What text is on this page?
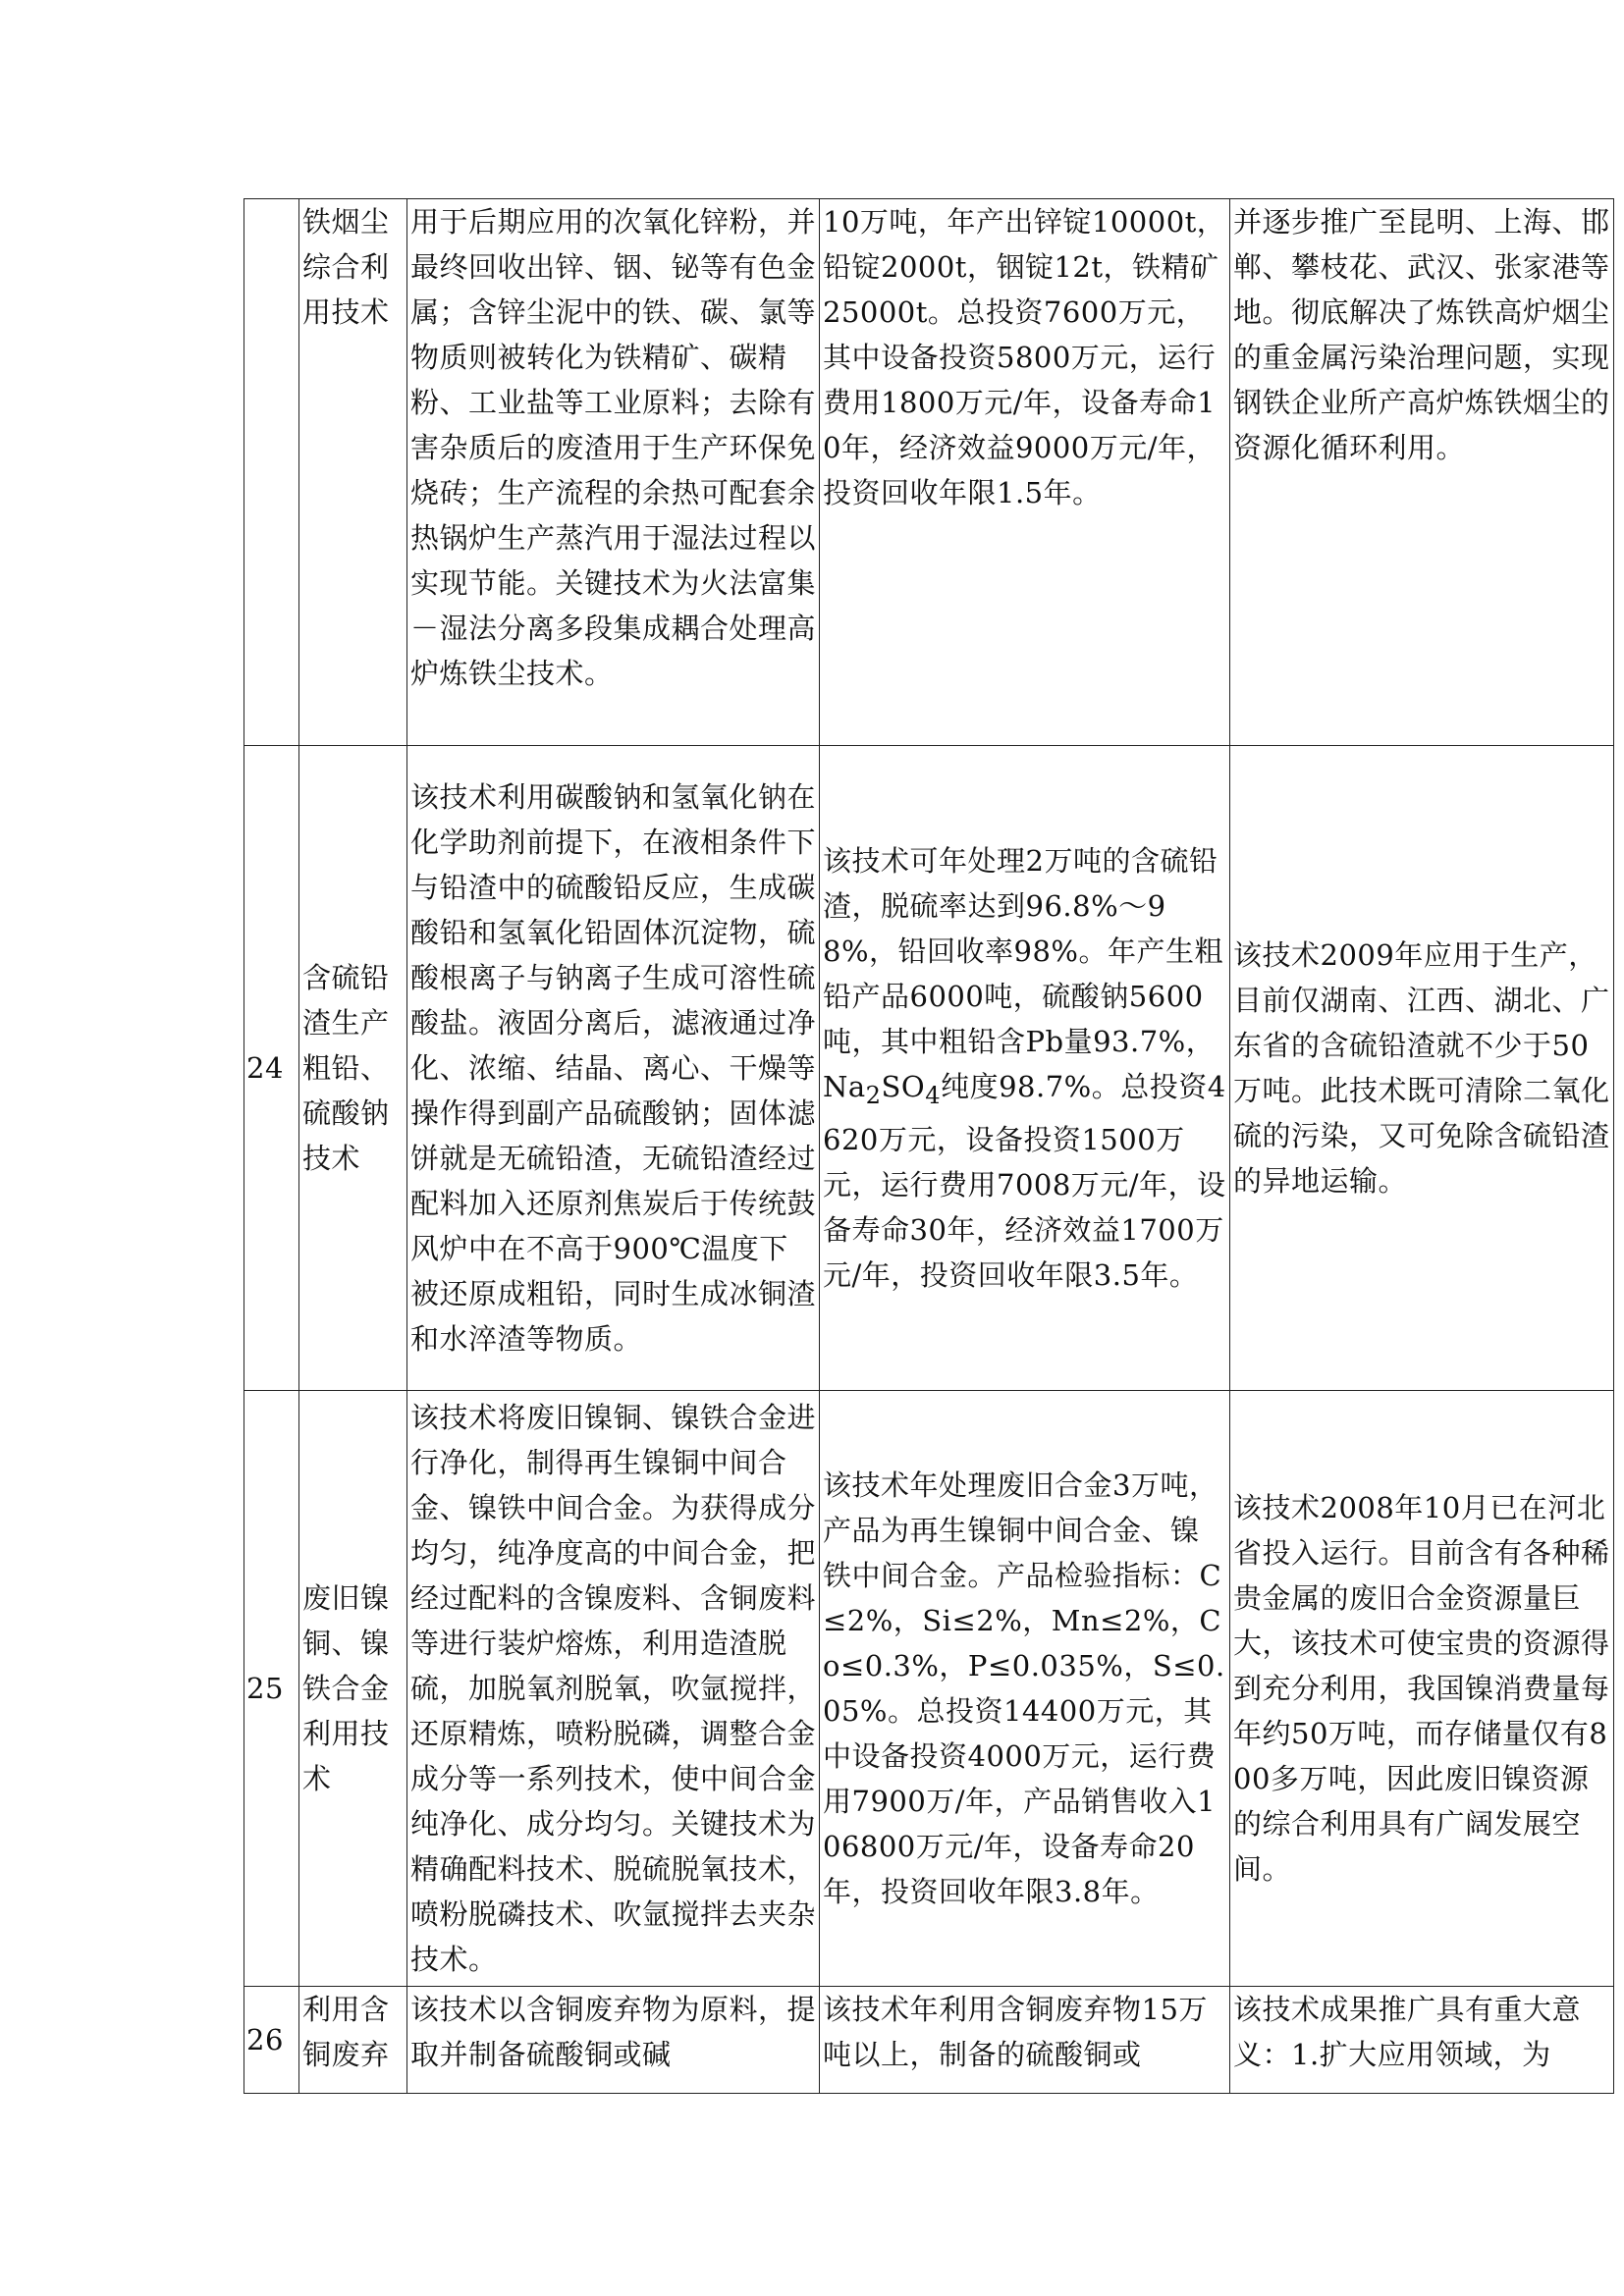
	铁烟尘综合利用技术	用于后期应用的次氧化锌粉，并最终回收出锌、铟、铋等有色金属；含锌尘泥中的铁、碳、氯等物质则被转化为铁精矿、碳精粉、工业盐等工业原料；去除有害杂质后的废渣用于生产环保免烧砖；生产流程的余热可配套余热锅炉生产蒸汽用于湿法过程以实现节能。关键技术为火法富集－湿法分离多段集成耦合处理高炉炼铁尘技术。	10万吨，年产出锌锭10000t，铅锭2000t，铟锭12t，铁精矿25000t。总投资7600万元，其中设备投资5800万元，运行费用1800万元/年，设备寿命10年，经济效益9000万元/年，投资回收年限1.5年。	并逐步推广至昆明、上海、邯郸、攀枝花、武汉、张家港等地。彻底解决了炼铁高炉烟尘的重金属污染治理问题，实现钢铁企业所产高炉炼铁烟尘的资源化循环利用。
24	含硫铅渣生产粗铅、硫酸钠技术	该技术利用碳酸钠和氢氧化钠在化学助剂前提下，在液相条件下与铅渣中的硫酸铅反应，生成碳酸铅和氢氧化铅固体沉淀物，硫酸根离子与钠离子生成可溶性硫酸盐。液固分离后，滤液通过净化、浓缩、结晶、离心、干燥等操作得到副产品硫酸钠；固体滤饼就是无硫铅渣，无硫铅渣经过配料加入还原剂焦炭后于传统鼓风炉中在不高于900℃温度下被还原成粗铅，同时生成冰铜渣和水淬渣等物质。	该技术可年处理2万吨的含硫铅渣，脱硫率达到96.8%～98%，铅回收率98%。年产生粗铅产品6000吨，硫酸钠5600吨，其中粗铅含Pb量93.7%，$Na_2SO_4$纯度98.7%。总投资4620万元，设备投资1500万元，运行费用7008万元/年，设备寿命30年，经济效益1700万元/年，投资回收年限3.5年。	该技术2009年应用于生产，目前仅湖南、江西、湖北、广东省的含硫铅渣就不少于50万吨。此技术既可清除二氧化硫的污染，又可免除含硫铅渣的异地运输。
25	废旧镍铜、镍铁合金利用技术	该技术将废旧镍铜、镍铁合金进行净化，制得再生镍铜中间合金、镍铁中间合金。为获得成分均匀，纯净度高的中间合金，把经过配料的含镍废料、含铜废料等进行装炉熔炼，利用造渣脱硫，加脱氧剂脱氧，吹氩搅拌，还原精炼，喷粉脱磷，调整合金成分等一系列技术，使中间合金纯净化、成分均匀。关键技术为精确配料技术、脱硫脱氧技术，喷粉脱磷技术、吹氩搅拌去夹杂技术。	该技术年处理废旧合金3万吨，产品为再生镍铜中间合金、镍铁中间合金。产品检验指标：C≤2%，Si≤2%，Mn≤2%，Co≤0.3%，P≤0.035%，S≤0.05%。总投资14400万元，其中设备投资4000万元，运行费用7900万/年，产品销售收入106800万元/年，设备寿命20年，投资回收年限3.8年。	该技术2008年10月已在河北省投入运行。目前含有各种稀贵金属的废旧合金资源量巨大，该技术可使宝贵的资源得到充分利用，我国镍消费量每年约50万吨，而存储量仅有800多万吨，因此废旧镍资源的综合利用具有广阔发展空间。
26	利用含铜废弃	该技术以含铜废弃物为原料，提取并制备硫酸铜或碱	该技术年利用含铜废弃物15万吨以上，制备的硫酸铜或	该技术成果推广具有重大意义：1.扩大应用领域，为
